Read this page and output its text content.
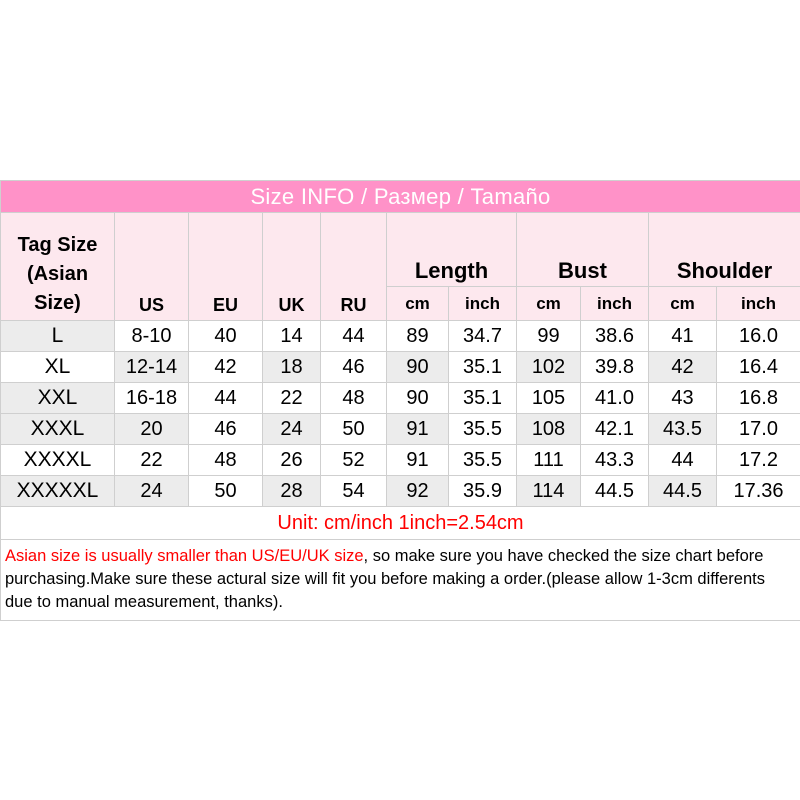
Size INFO / Размер / Tamaño										
Tag Size
(Asian
Size)	US	EU	UK	RU	Length		Bust		Shoulder	
					cm	inch	cm	inch	cm	inch
L	8-10	40	14	44	89	34.7	99	38.6	41	16.0
XL	12-14	42	18	46	90	35.1	102	39.8	42	16.4
XXL	16-18	44	22	48	90	35.1	105	41.0	43	16.8
XXXL	20	46	24	50	91	35.5	108	42.1	43.5	17.0
XXXXL	22	48	26	52	91	35.5	111	43.3	44	17.2
XXXXXL	24	50	28	54	92	35.9	114	44.5	44.5	17.36
Unit: cm/inch 1inch=2.54cm										
Asian size is usually smaller than US/EU/UK size, so make sure you have checked the size chart before purchasing.Make sure these actural size will fit you before making a order.(please allow 1-3cm differents due to manual measurement, thanks).										
